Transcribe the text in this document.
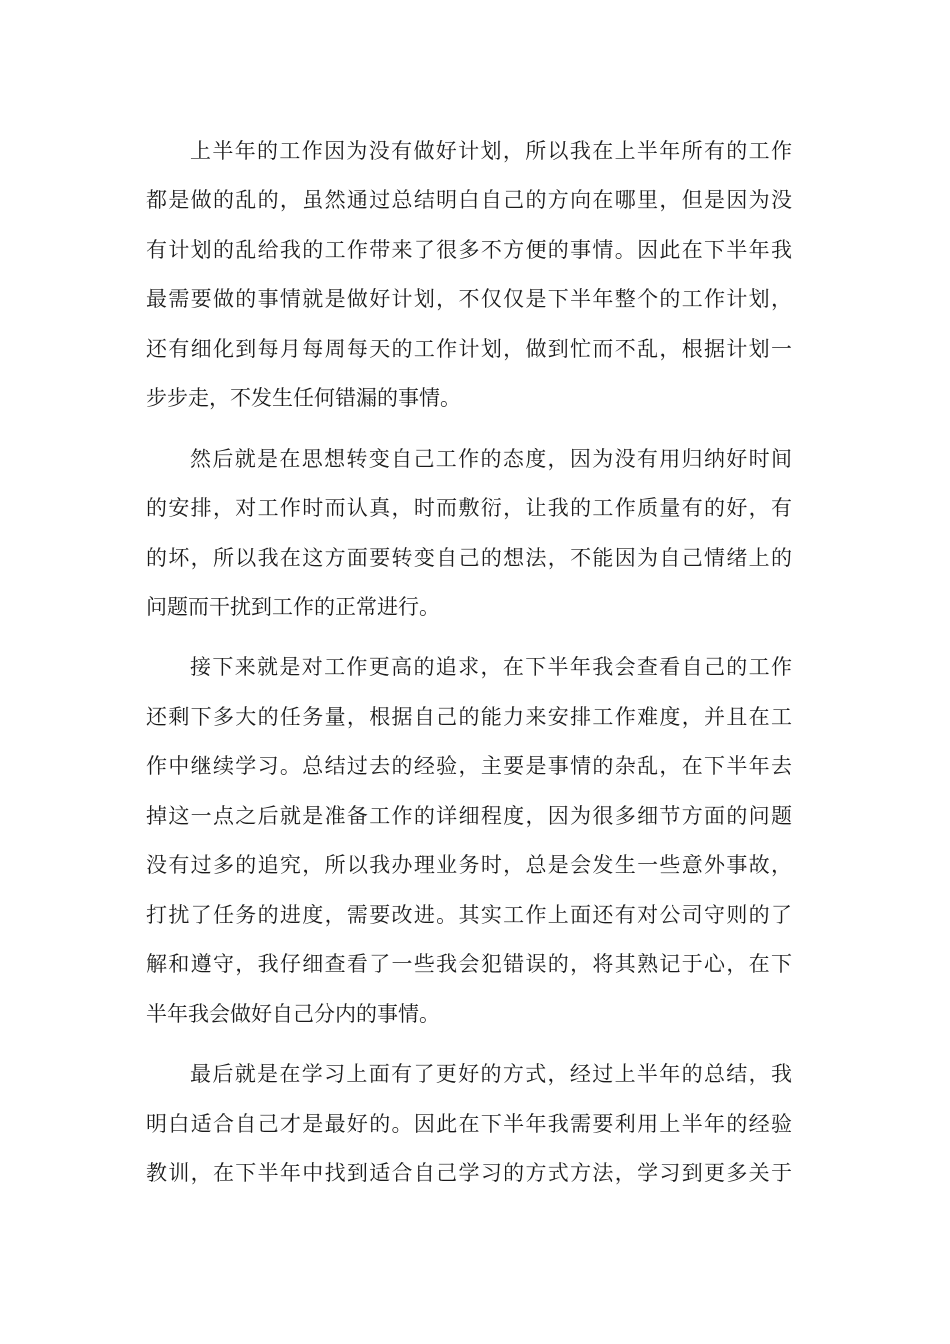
上半年的工作因为没有做好计划，所以我在上半年所有的工作

都是做的乱的，虽然通过总结明白自己的方向在哪里，但是因为没

有计划的乱给我的工作带来了很多不方便的事情。因此在下半年我

最需要做的事情就是做好计划，不仅仅是下半年整个的工作计划，

还有细化到每月每周每天的工作计划，做到忙而不乱，根据计划一

步步走，不发生任何错漏的事情。

然后就是在思想转变自己工作的态度，因为没有用归纳好时间

的安排，对工作时而认真，时而敷衍，让我的工作质量有的好，有

的坏，所以我在这方面要转变自己的想法，不能因为自己情绪上的

问题而干扰到工作的正常进行。

接下来就是对工作更高的追求，在下半年我会查看自己的工作

还剩下多大的任务量，根据自己的能力来安排工作难度，并且在工

作中继续学习。总结过去的经验，主要是事情的杂乱，在下半年去

掉这一点之后就是准备工作的详细程度，因为很多细节方面的问题

没有过多的追究，所以我办理业务时，总是会发生一些意外事故，

打扰了任务的进度，需要改进。其实工作上面还有对公司守则的了

解和遵守，我仔细查看了一些我会犯错误的，将其熟记于心，在下

半年我会做好自己分内的事情。

最后就是在学习上面有了更好的方式，经过上半年的总结，我

明白适合自己才是最好的。因此在下半年我需要利用上半年的经验

教训，在下半年中找到适合自己学习的方式方法，学习到更多关于
